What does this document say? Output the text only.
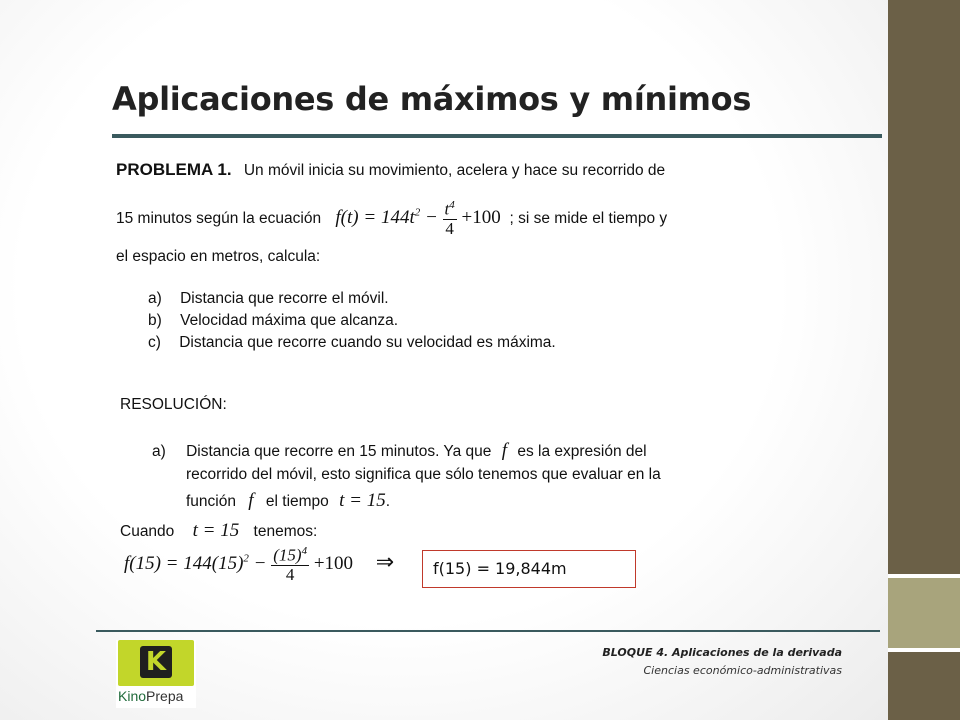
Aplicaciones de máximos y mínimos
PROBLEMA 1. Un móvil inicia su movimiento, acelera y hace su recorrido de
15 minutos según la ecuación $f(t) = 144t^2 - \frac{t^4}{4} +100$ ; si se mide el tiempo y
el espacio en metros, calcula:
a) Distancia que recorre el móvil.
b) Velocidad máxima que alcanza.
c) Distancia que recorre cuando su velocidad es máxima.
RESOLUCIÓN:
a) Distancia que recorre en 15 minutos. Ya que f es la expresión del
recorrido del móvil, esto significa que sólo tenemos que evaluar en la
función f el tiempo t = 15.
Cuando t = 15 tenemos:
$f(15) = 144(15)^2 - \frac{(15)^4}{4} +100$ ⇒ f(15) = 19,844m
K
KinoPrepa

BLOQUE 4. Aplicaciones de la derivada

Ciencias económico-administrativas
